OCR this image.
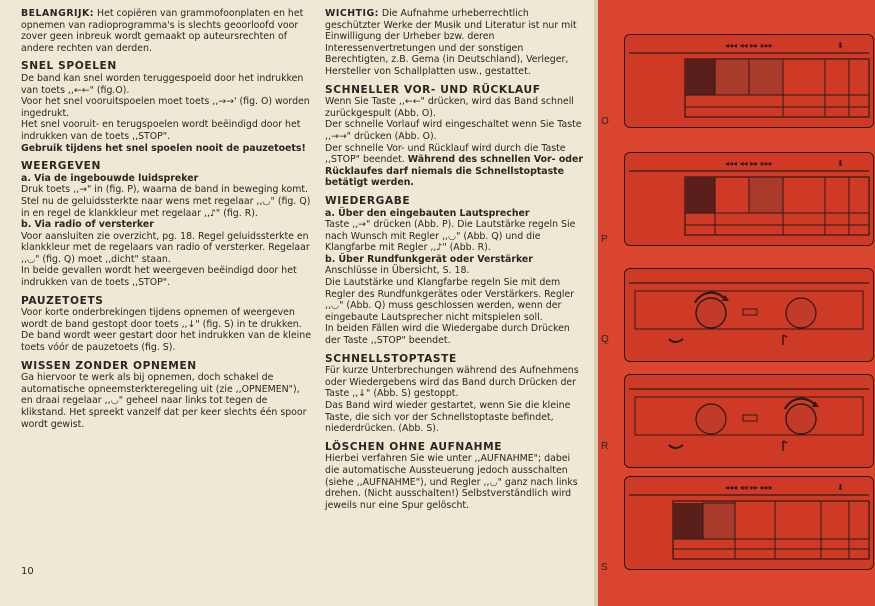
BELANGRIJK: Het copiëren van grammofoonplaten en het opnemen van radioprogramma's is slechts geoorloofd voor zover geen inbreuk wordt gemaakt op auteursrechten of andere rechten van derden.

SNEL SPOELEN

De band kan snel worden teruggespoeld door het indrukken van toets ,,←←" (fig.O).

Voor het snel vooruitspoelen moet toets ,,→→' (fig. O) worden ingedrukt.

Het snel vooruit- en terugspoelen wordt beëindigd door het indrukken van de toets ,,STOP".

Gebruik tijdens het snel spoelen nooit de pauzetoets!

WEERGEVEN

a. Via de ingebouwde luidspreker

Druk toets ,,→" in (fig. P), waarna de band in beweging komt. Stel nu de geluidssterkte naar wens met regelaar ,,◡" (fig. Q) in en regel de klankkleur met regelaar ,,♪" (fig. R).

b. Via radio of versterker

Voor aansluiten zie overzicht, pg. 18. Regel geluidssterkte en klankkleur met de regelaars van radio of versterker. Regelaar ,,◡" (fig. Q) moet ,,dicht" staan.

In beide gevallen wordt het weergeven beëindigd door het indrukken van de toets ,,STOP".

PAUZETOETS

Voor korte onderbrekingen tijdens opnemen of weergeven wordt de band gestopt door toets ,,↓" (fig. S) in te drukken.

De band wordt weer gestart door het indrukken van de kleine toets vóór de pauzetoets (fig. S).

WISSEN ZONDER OPNEMEN

Ga hiervoor te werk als bij opnemen, doch schakel de automatische opneemsterkteregeling uit (zie ,,OPNEMEN"), en draai regelaar ,,◡" geheel naar links tot tegen de klikstand. Het spreekt vanzelf dat per keer slechts één spoor wordt gewist.

10

WICHTIG: Die Aufnahme urheberrechtlich geschützter Werke der Musik und Literatur ist nur mit Einwilligung der Urheber bzw. deren Interessenvertretungen und der sonstigen Berechtigten, z.B. Gema (in Deutschland), Verleger, Hersteller von Schallplatten usw., gestattet.

SCHNELLER VOR- UND RÜCKLAUF

Wenn Sie Taste ,,←←" drücken, wird das Band schnell zurückgespult (Abb. O).

Der schnelle Vorlauf wird eingeschaltet wenn Sie Taste ,,→→" drücken (Abb. O).

Der schnelle Vor- und Rücklauf wird durch die Taste ,,STOP" beendet. Während des schnellen Vor- oder Rücklaufes darf niemals die Schnellstoptaste betätigt werden.

WIEDERGABE

a. Über den eingebauten Lautsprecher

Taste ,,→" drücken (Abb. P). Die Lautstärke regeln Sie nach Wunsch mit Regler ,,◡" (Abb. Q) und die Klangfarbe mit Regler ,,♪" (Abb. R).

b. Über Rundfunkgerät oder Verstärker

Anschlüsse in Übersicht, S. 18.

Die Lautstärke und Klangfarbe regeln Sie mit dem Regler des Rundfunkgerätes oder Verstärkers. Regler ,,◡" (Abb. Q) muss geschlossen werden, wenn der eingebaute Lautsprecher nicht mitspielen soll.

In beiden Fällen wird die Wiedergabe durch Drücken der Taste ,,STOP" beendet.

SCHNELLSTOPTASTE

Für kurze Unterbrechungen während des Aufnehmens oder Wiedergebens wird das Band durch Drücken der Taste ,,↓" (Abb. S) gestoppt.

Das Band wird wieder gestartet, wenn Sie die kleine Taste, die sich vor der Schnellstoptaste befindet, niederdrücken. (Abb. S).

LÖSCHEN OHNE AUFNAHME

Hierbei verfahren Sie wie unter ,,AUFNAHME"; dabei die automatische Aussteuerung jedoch ausschalten (siehe ,,AUFNAHME"), und Regler ,,◡" ganz nach links drehen. (Nicht ausschalten!) Selbstverständlich wird jeweils nur eine Spur gelöscht.

O
◂◂◂ ◂◂ ▸▸ ▸▸▸	⬇
P
◂◂◂ ◂◂ ▸▸ ▸▸▸	⬇
Q
R
S
◂◂◂ ◂◂ ▸▸ ▸▸▸	⬇
